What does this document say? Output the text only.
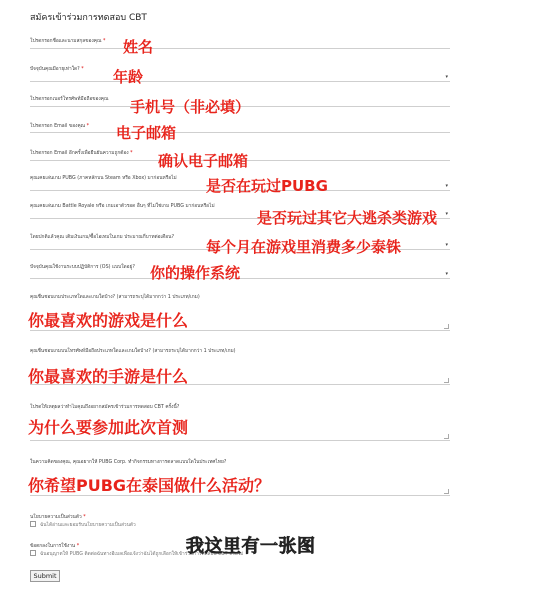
สมัครเข้าร่วมการทดสอบ CBT
โปรดกรอกชื่อและนามสกุลของคุณ * 姓名
ปัจจุบันคุณมีอายุเท่าใด? *
▾
年龄
โปรดกรอกเบอร์โทรศัพท์มือถือของคุณ 手机号（非必填）
โปรดกรอก Email ของคุณ * 电子邮箱
โปรดกรอก Email อีกครั้งเพื่อยืนยันความถูกต้อง * 确认电子邮箱
คุณเคยเล่นเกม PUBG (ภาคหลักบน Steam หรือ Xbox) มาก่อนหรือไม่
▾
是否在玩过PUBG
คุณเคยเล่นเกม Battle Royale หรือ เกมเอาตัวรอด อื่นๆ ที่ไม่ใช่เกม PUBG มาก่อนหรือไม่
▾
是否玩过其它大逃杀类游戏
โดยปกติแล้วคุณ เติมเงินเกม/ซื้อไอเทมในเกม ประมาณกี่บาทต่อเดือน?
▾
每个月在游戏里消费多少泰铢
ปัจจุบันคุณใช้งานระบบปฏิบัติการ (OS) แบบใดอยู่?
▾
你的操作系统
คุณชื่นชอบเกมประเภทใดและเกมใดบ้าง? (สามารถระบุได้มากกว่า 1 ประเภท/เกม)
你最喜欢的游戏是什么
คุณชื่นชอบเกมบนโทรศัพท์มือถือประเภทใดและเกมใดบ้าง? (สามารถระบุได้มากกว่า 1 ประเภท/เกม)
你最喜欢的手游是什么
โปรดให้เหตุผลว่าทำไมคุณถึงอยากสมัครเข้าร่วมการทดสอบ CBT ครั้งนี้?
为什么要参加此次首测
ในความคิดของคุณ, คุณอยากให้ PUBG Corp. ทำกิจกรรมทางการตลาดแบบใดในประเทศไทย?
你希望PUBG在泰国做什么活动？
นโยบายความเป็นส่วนตัว *
ฉันได้อ่านและยอมรับนโยบายความเป็นส่วนตัว
ข้อตกลงในการใช้งาน *
ฉันอนุญาตให้ PUBG ติดต่อฉันทางอีเมลเพื่อแจ้งว่าฉันได้ถูกเลือกให้เข้าร่วมการทดสอบ CBT หรือไม่
我这里有一张图
Submit
